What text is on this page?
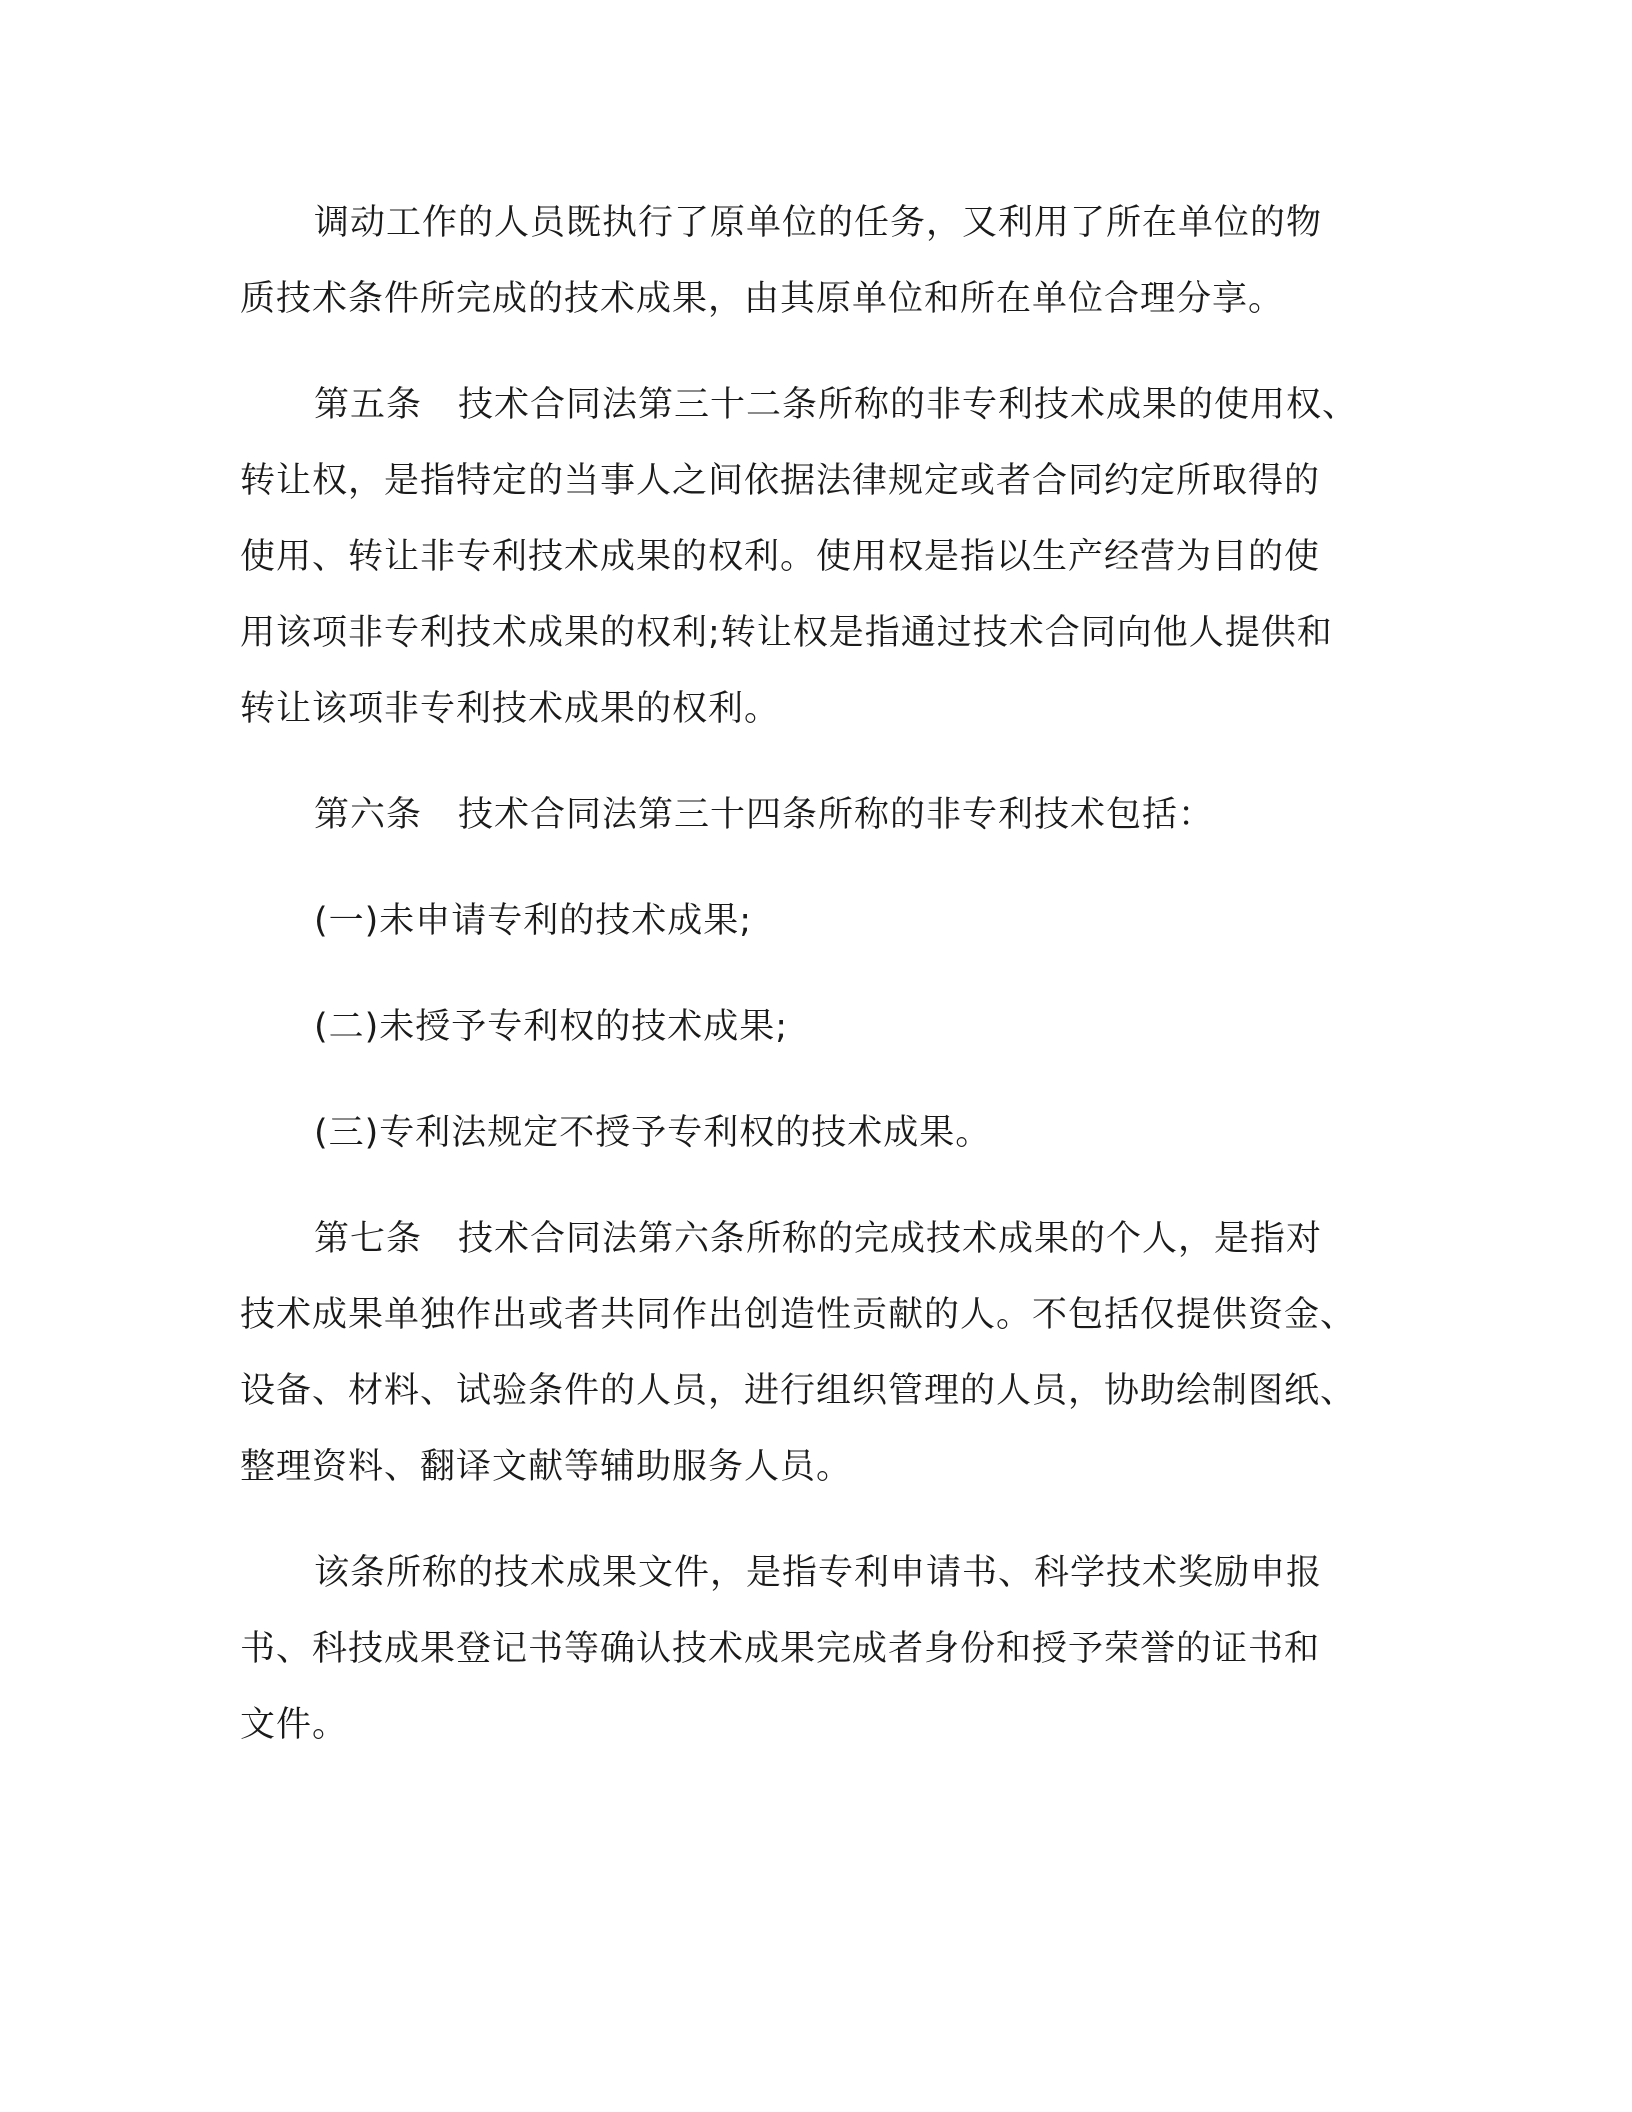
调动工作的人员既执行了原单位的任务，又利用了所在单位的物
质技术条件所完成的技术成果，由其原单位和所在单位合理分享。

第五条 技术合同法第三十二条所称的非专利技术成果的使用权、
转让权，是指特定的当事人之间依据法律规定或者合同约定所取得的
使用、转让非专利技术成果的权利。使用权是指以生产经营为目的使
用该项非专利技术成果的权利;转让权是指通过技术合同向他人提供和
转让该项非专利技术成果的权利。

第六条 技术合同法第三十四条所称的非专利技术包括：

(一)未申请专利的技术成果;

(二)未授予专利权的技术成果;

(三)专利法规定不授予专利权的技术成果。

第七条 技术合同法第六条所称的完成技术成果的个人，是指对
技术成果单独作出或者共同作出创造性贡献的人。不包括仅提供资金、
设备、材料、试验条件的人员，进行组织管理的人员，协助绘制图纸、
整理资料、翻译文献等辅助服务人员。

该条所称的技术成果文件，是指专利申请书、科学技术奖励申报
书、科技成果登记书等确认技术成果完成者身份和授予荣誉的证书和
文件。
